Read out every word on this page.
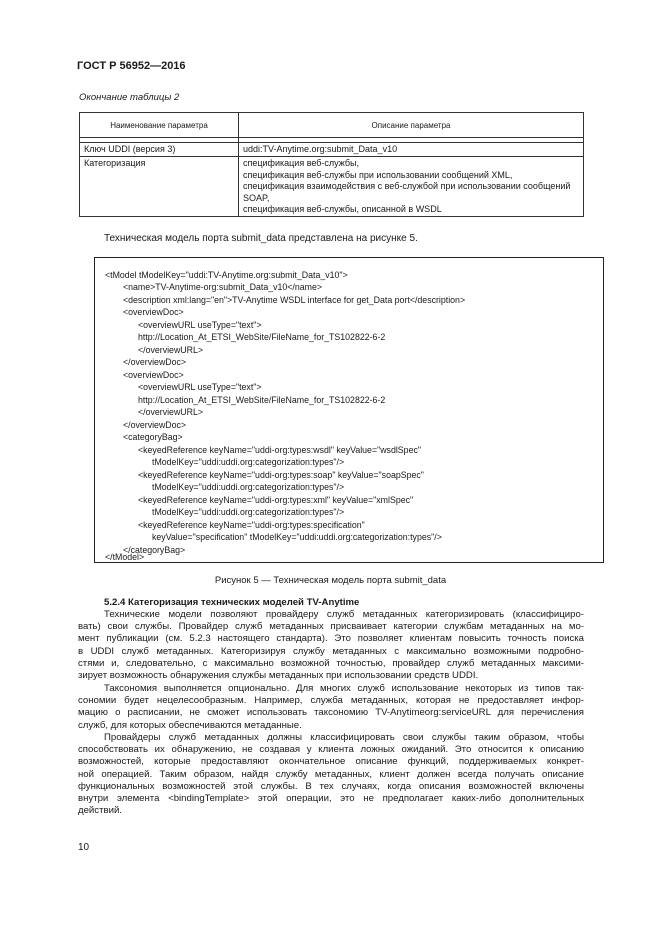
ГОСТ Р 56952—2016
Окончание таблицы 2
Наименование параметра	Описание параметра

Ключ UDDI (версия 3)	uddi:TV-Anytime.org:submit_Data_v10

Категоризация	спецификация веб-службы,
спецификация веб-службы при использовании сообщений XML,
спецификация взаимодействия с веб-службой при использовании сообщений
SOAP,
спецификация веб-службы, описанной в WSDL
Техническая модель порта submit_data представлена на рисунке 5.
<tModel tModelKey="uddi:TV-Anytime.org:submit_Data_v10">
<name>TV-Anytime-org:submit_Data_v10</name>
<description xml:lang="en">TV-Anytime WSDL interface for get_Data port</description>
<overviewDoc>
<overviewURL useType="text">
http://Location_At_ETSI_WebSite/FileName_for_TS102822-6-2
</overviewURL>
</overviewDoc>
<overviewDoc>
<overviewURL useType="text">
http://Location_At_ETSI_WebSite/FileName_for_TS102822-6-2
</overviewURL>
</overviewDoc>
<categoryBag>
<keyedReference keyName="uddi-org:types:wsdl" keyValue="wsdlSpec"
tModelKey="uddi:uddi.org:categorization:types"/>
<keyedReference keyName="uddi-org:types:soap" keyValue="soapSpec"
tModelKey="uddi:uddi.org:categorization:types"/>
<keyedReference keyName="uddi-org:types:xml" keyValue="xmlSpec"
tModelKey="uddi:uddi.org:categorization:types"/>
<keyedReference keyName="uddi-org:types:specification"
keyValue="specification" tModelKey="uddi:uddi.org:categorization:types"/>
</categoryBag>
</tModel>
Рисунок 5 — Техническая модель порта submit_data
5.2.4 Категоризация технических моделей TV-Anytime
Технические модели позволяют провайдеру служб метаданных категоризировать (классифициро-
вать) свои службы. Провайдер служб метаданных присваивает категории службам метаданных на мо-
мент публикации (см. 5.2.3 настоящего стандарта). Это позволяет клиентам повысить точность поиска
в UDDI служб метаданных. Категоризируя службу метаданных с максимально возможными подробно-
стями и, следовательно, с максимально возможной точностью, провайдер служб метаданных максими-
зирует возможность обнаружения службы метаданных при использовании средств UDDI.
Таксономия выполняется опционально. Для многих служб использование некоторых из типов так-
сономии будет нецелесообразным. Например, служба метаданных, которая не предоставляет инфор-
мацию о расписании, не сможет использовать таксономию TV-Anytimeorg:serviceURL для перечисления
служб, для которых обеспечиваются метаданные.
Провайдеры служб метаданных должны классифицировать свои службы таким образом, чтобы
способствовать их обнаружению, не создавая у клиента ложных ожиданий. Это относится к описанию
возможностей, которые предоставляют окончательное описание функций, поддерживаемых конкрет-
ной операцией. Таким образом, найдя службу метаданных, клиент должен всегда получать описание
функциональных возможностей этой службы. В тех случаях, когда описания возможностей включены
внутри элемента <bindingTemplate> этой операции, это не предполагает каких-либо дополнительных
действий.
10
